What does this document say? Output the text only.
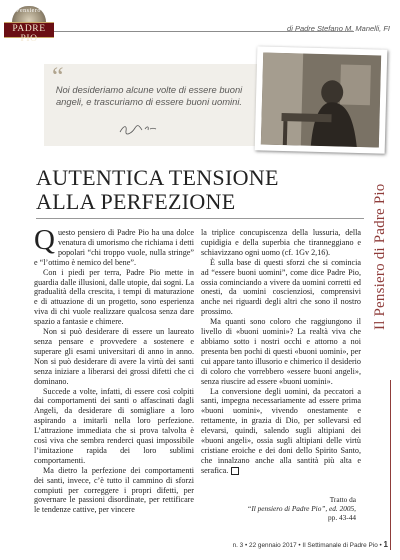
Il Pensiero di
PADRE PIO
di Padre Stefano M. Manelli, FI
“
Noi desideriamo alcune volte di essere buoni angeli, e trascuriamo di essere buoni uomini.
AUTENTICA TENSIONE
ALLA PERFEZIONE

Questo pensiero di Padre Pio ha una dolce venatura di umorismo che richiama i detti popolari “chi troppo vuole, nulla stringe” e “l’ottimo è nemico del bene”.

Con i piedi per terra, Padre Pio mette in guardia dalle illusioni, dalle utopie, dai sogni. La gradualità della crescita, i tempi di maturazione e di attuazione di un progetto, sono esperienza viva di chi vuole realizzare qualcosa senza dare spazio a fantasie e chimere.

Non si può desiderare di essere un laureato senza pensare e provvedere a sostenere e superare gli esami universitari di anno in anno. Non si può desiderare di avere la virtù dei santi senza iniziare a liberarsi dei grossi difetti che ci dominano.

Succede a volte, infatti, di essere così colpiti dai comportamenti dei santi o affascinati dagli Angeli, da desiderare di somigliare a loro aspirando a imitarli nella loro perfezione. L’attrazione immediata che si prova talvolta è così viva che sembra renderci quasi impossibile l’imitazione rapida dei loro sublimi comportamenti.

Ma dietro la perfezione dei comportamenti dei santi, invece, c’è tutto il cammino di sforzi compiuti per correggere i propri difetti, per governare le passioni disordinate, per rettificare le tendenze cattive, per vincere

la triplice concupiscenza della lussuria, della cupidigia e della superbia che tiranneggiano e schiavizzano ogni uomo (cf. 1Gv 2,16).

È sulla base di questi sforzi che si comincia ad “essere buoni uomini”, come dice Padre Pio, ossia cominciando a vivere da uomini corretti ed onesti, da uomini coscienziosi, comprensivi anche nei riguardi degli altri che sono il nostro prossimo.

Ma quanti sono coloro che raggiungono il livello di «buoni uomini»? La realtà viva che abbiamo sotto i nostri occhi e attorno a noi presenta ben pochi di questi «buoni uomini», per cui appare tanto illusorio e chimerico il desiderio di coloro che vorrebbero «essere buoni angeli», senza riuscire ad essere «buoni uomini».

La conversione degli uomini, da peccatori a santi, impegna necessariamente ad essere prima «buoni uomini», vivendo onestamente e rettamente, in grazia di Dio, per sollevarsi ed elevarsi, quindi, salendo sugli altipiani dei «buoni angeli», ossia sugli altipiani delle virtù cristiane eroiche e dei doni dello Spirito Santo, che innalzano anche alla santità più alta e serafica.

Tratto da
“Il pensiero di Padre Pio”, ed. 2005,
pp. 43-44
Il Pensiero di Padre Pio
n. 3 • 22 gennaio 2017 • Il Settimanale di Padre Pio • 1
